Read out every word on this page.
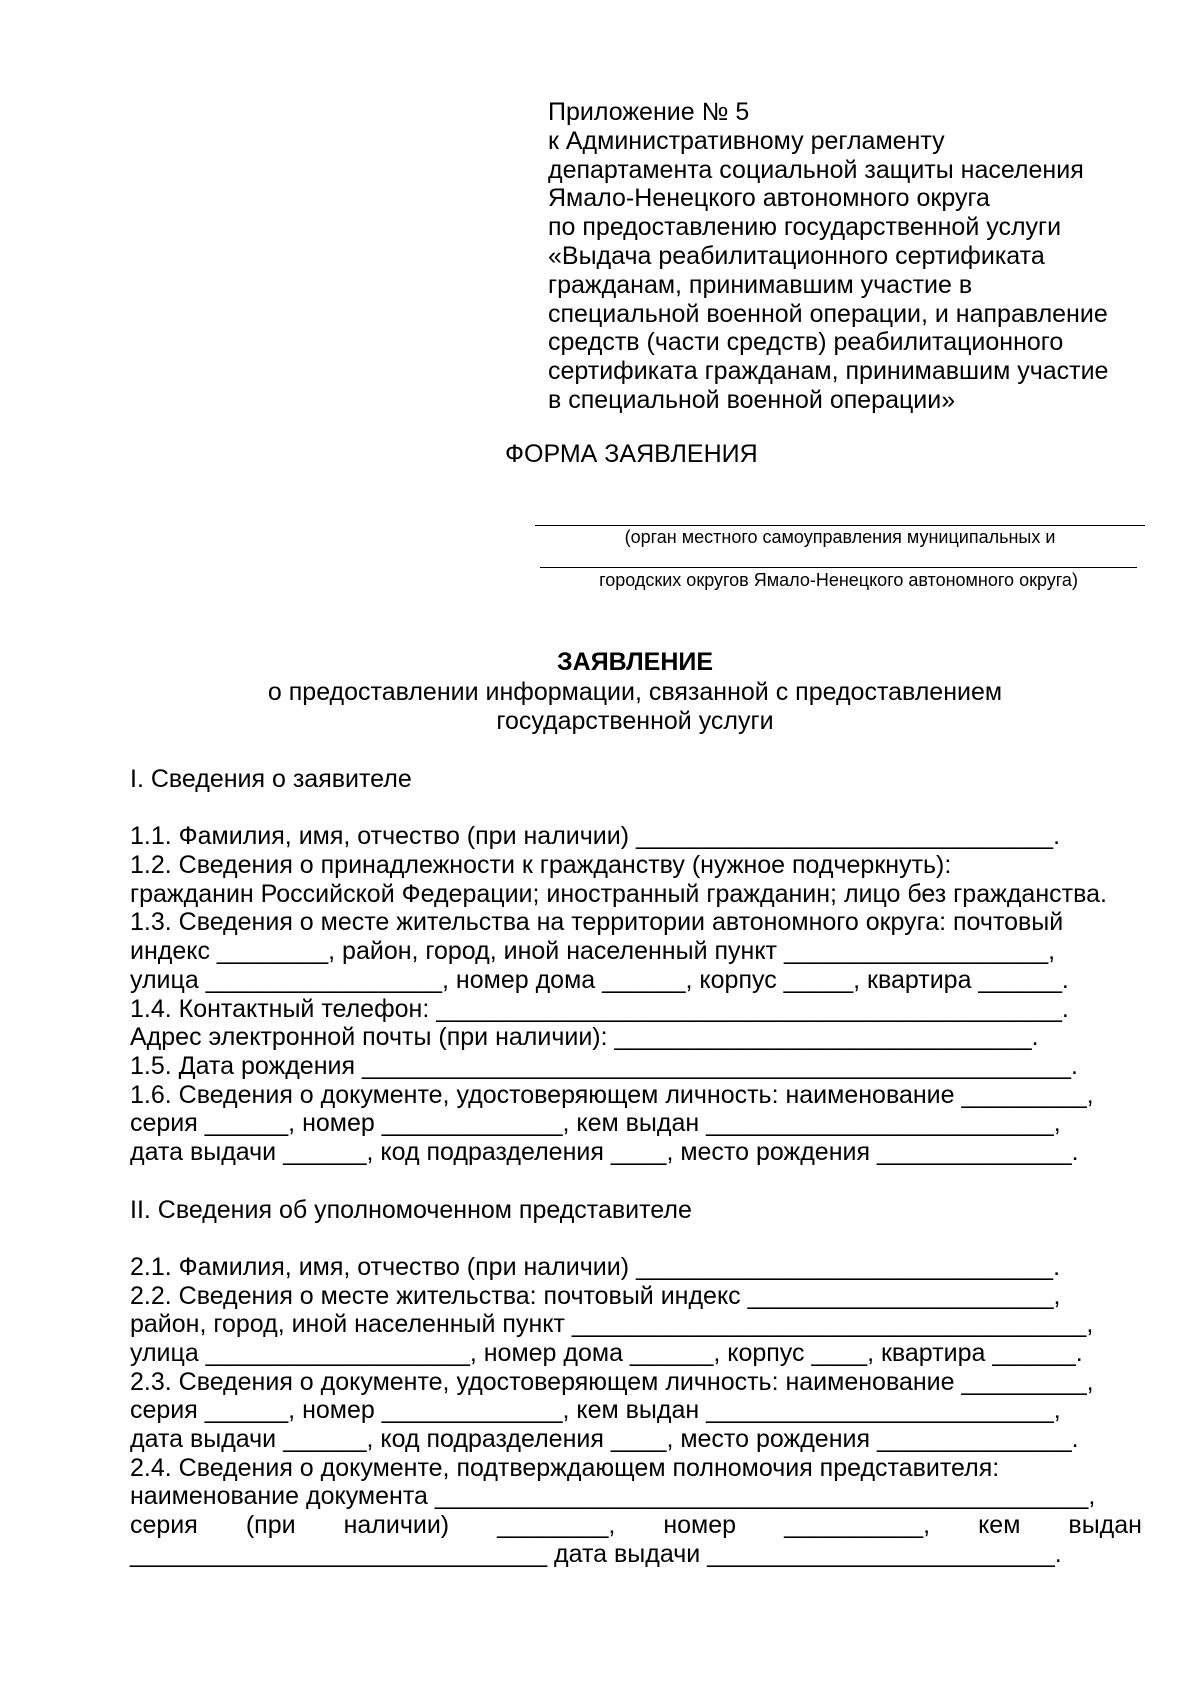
Приложение № 5
к Административному регламенту
департамента социальной защиты населения
Ямало-Ненецкого автономного округа
по предоставлению государственной услуги
«Выдача реабилитационного сертификата
гражданам, принимавшим участие в
специальной военной операции, и направление
средств (части средств) реабилитационного
сертификата гражданам, принимавшим участие
в специальной военной операции»
ФОРМА ЗАЯВЛЕНИЯ
(орган местного самоуправления муниципальных и
городских округов Ямало-Ненецкого автономного округа)
ЗАЯВЛЕНИЕ
о предоставлении информации, связанной с предоставлением
государственной услуги
I. Сведения о заявителе
1.1. Фамилия, имя, отчество (при наличии) ______________________________.
1.2. Сведения о принадлежности к гражданству (нужное подчеркнуть):
гражданин Российской Федерации; иностранный гражданин; лицо без гражданства.
1.3. Сведения о месте жительства на территории автономного округа: почтовый
индекс ________, район, город, иной населенный пункт ___________________,
улица _________________, номер дома ______, корпус _____, квартира ______.
1.4. Контактный телефон: _____________________________________________.
Адрес электронной почты (при наличии): ______________________________.
1.5. Дата рождения ___________________________________________________.
1.6. Сведения о документе, удостоверяющем личность: наименование _________,
серия ______, номер _____________, кем выдан _________________________,
дата выдачи ______, код подразделения ____, место рождения ______________.
II. Сведения об уполномоченном представителе
2.1. Фамилия, имя, отчество (при наличии) ______________________________.
2.2. Сведения о месте жительства: почтовый индекс ______________________,
район, город, иной населенный пункт _____________________________________,
улица ___________________, номер дома ______, корпус ____, квартира ______.
2.3. Сведения о документе, удостоверяющем личность: наименование _________,
серия ______, номер _____________, кем выдан _________________________,
дата выдачи ______, код подразделения ____, место рождения ______________.
2.4. Сведения о документе, подтверждающем полномочия представителя:
наименование документа _______________________________________________,
серия (при наличии) ________, номер __________, кем выдан
______________________________ дата выдачи _________________________.
